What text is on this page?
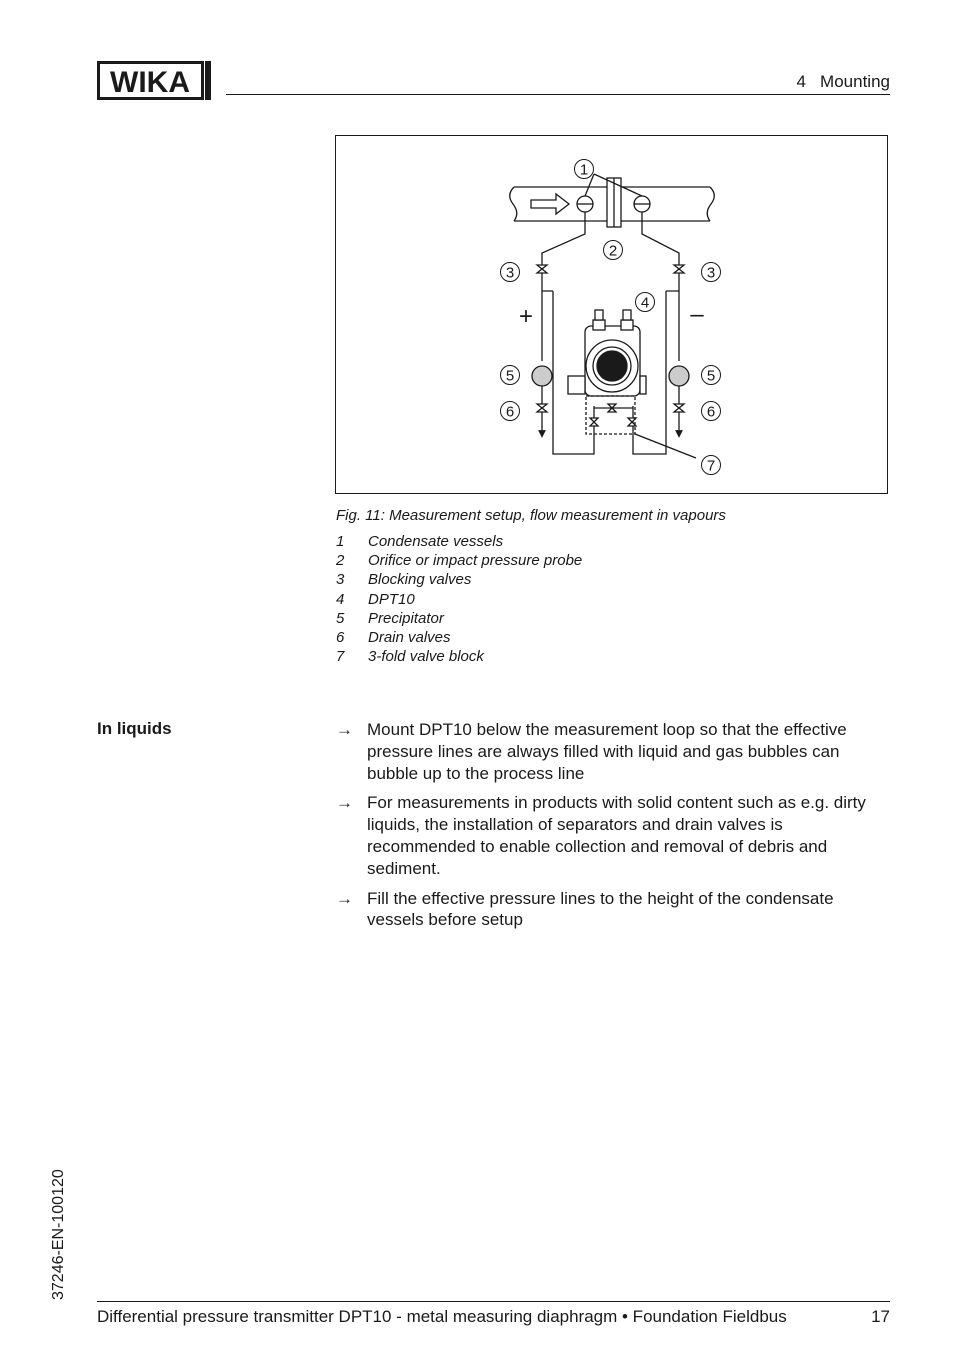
WIKA	4   Mounting
+	–
1
2
3	3
4
5	5
6	6
7
Fig. 11: Measurement setup, flow measurement in vapours
1 Condensate vessels
2 Orifice or impact pressure probe
3 Blocking valves
4 DPT10
5 Precipitator
6 Drain valves
7 3-fold valve block
In liquids	→ Mount DPT10 below the measurement loop so that the effective pressure lines are always filled with liquid and gas bubbles can bubble up to the process line
→ For measurements in products with solid content such as e.g. dirty liquids, the installation of separators and drain valves is recommended to enable collection and removal of debris and sediment.
→ Fill the effective pressure lines to the height of the condensate vessels before setup
37246-EN-100120
Differential pressure transmitter DPT10 - metal measuring diaphragm • Foundation Fieldbus	17
